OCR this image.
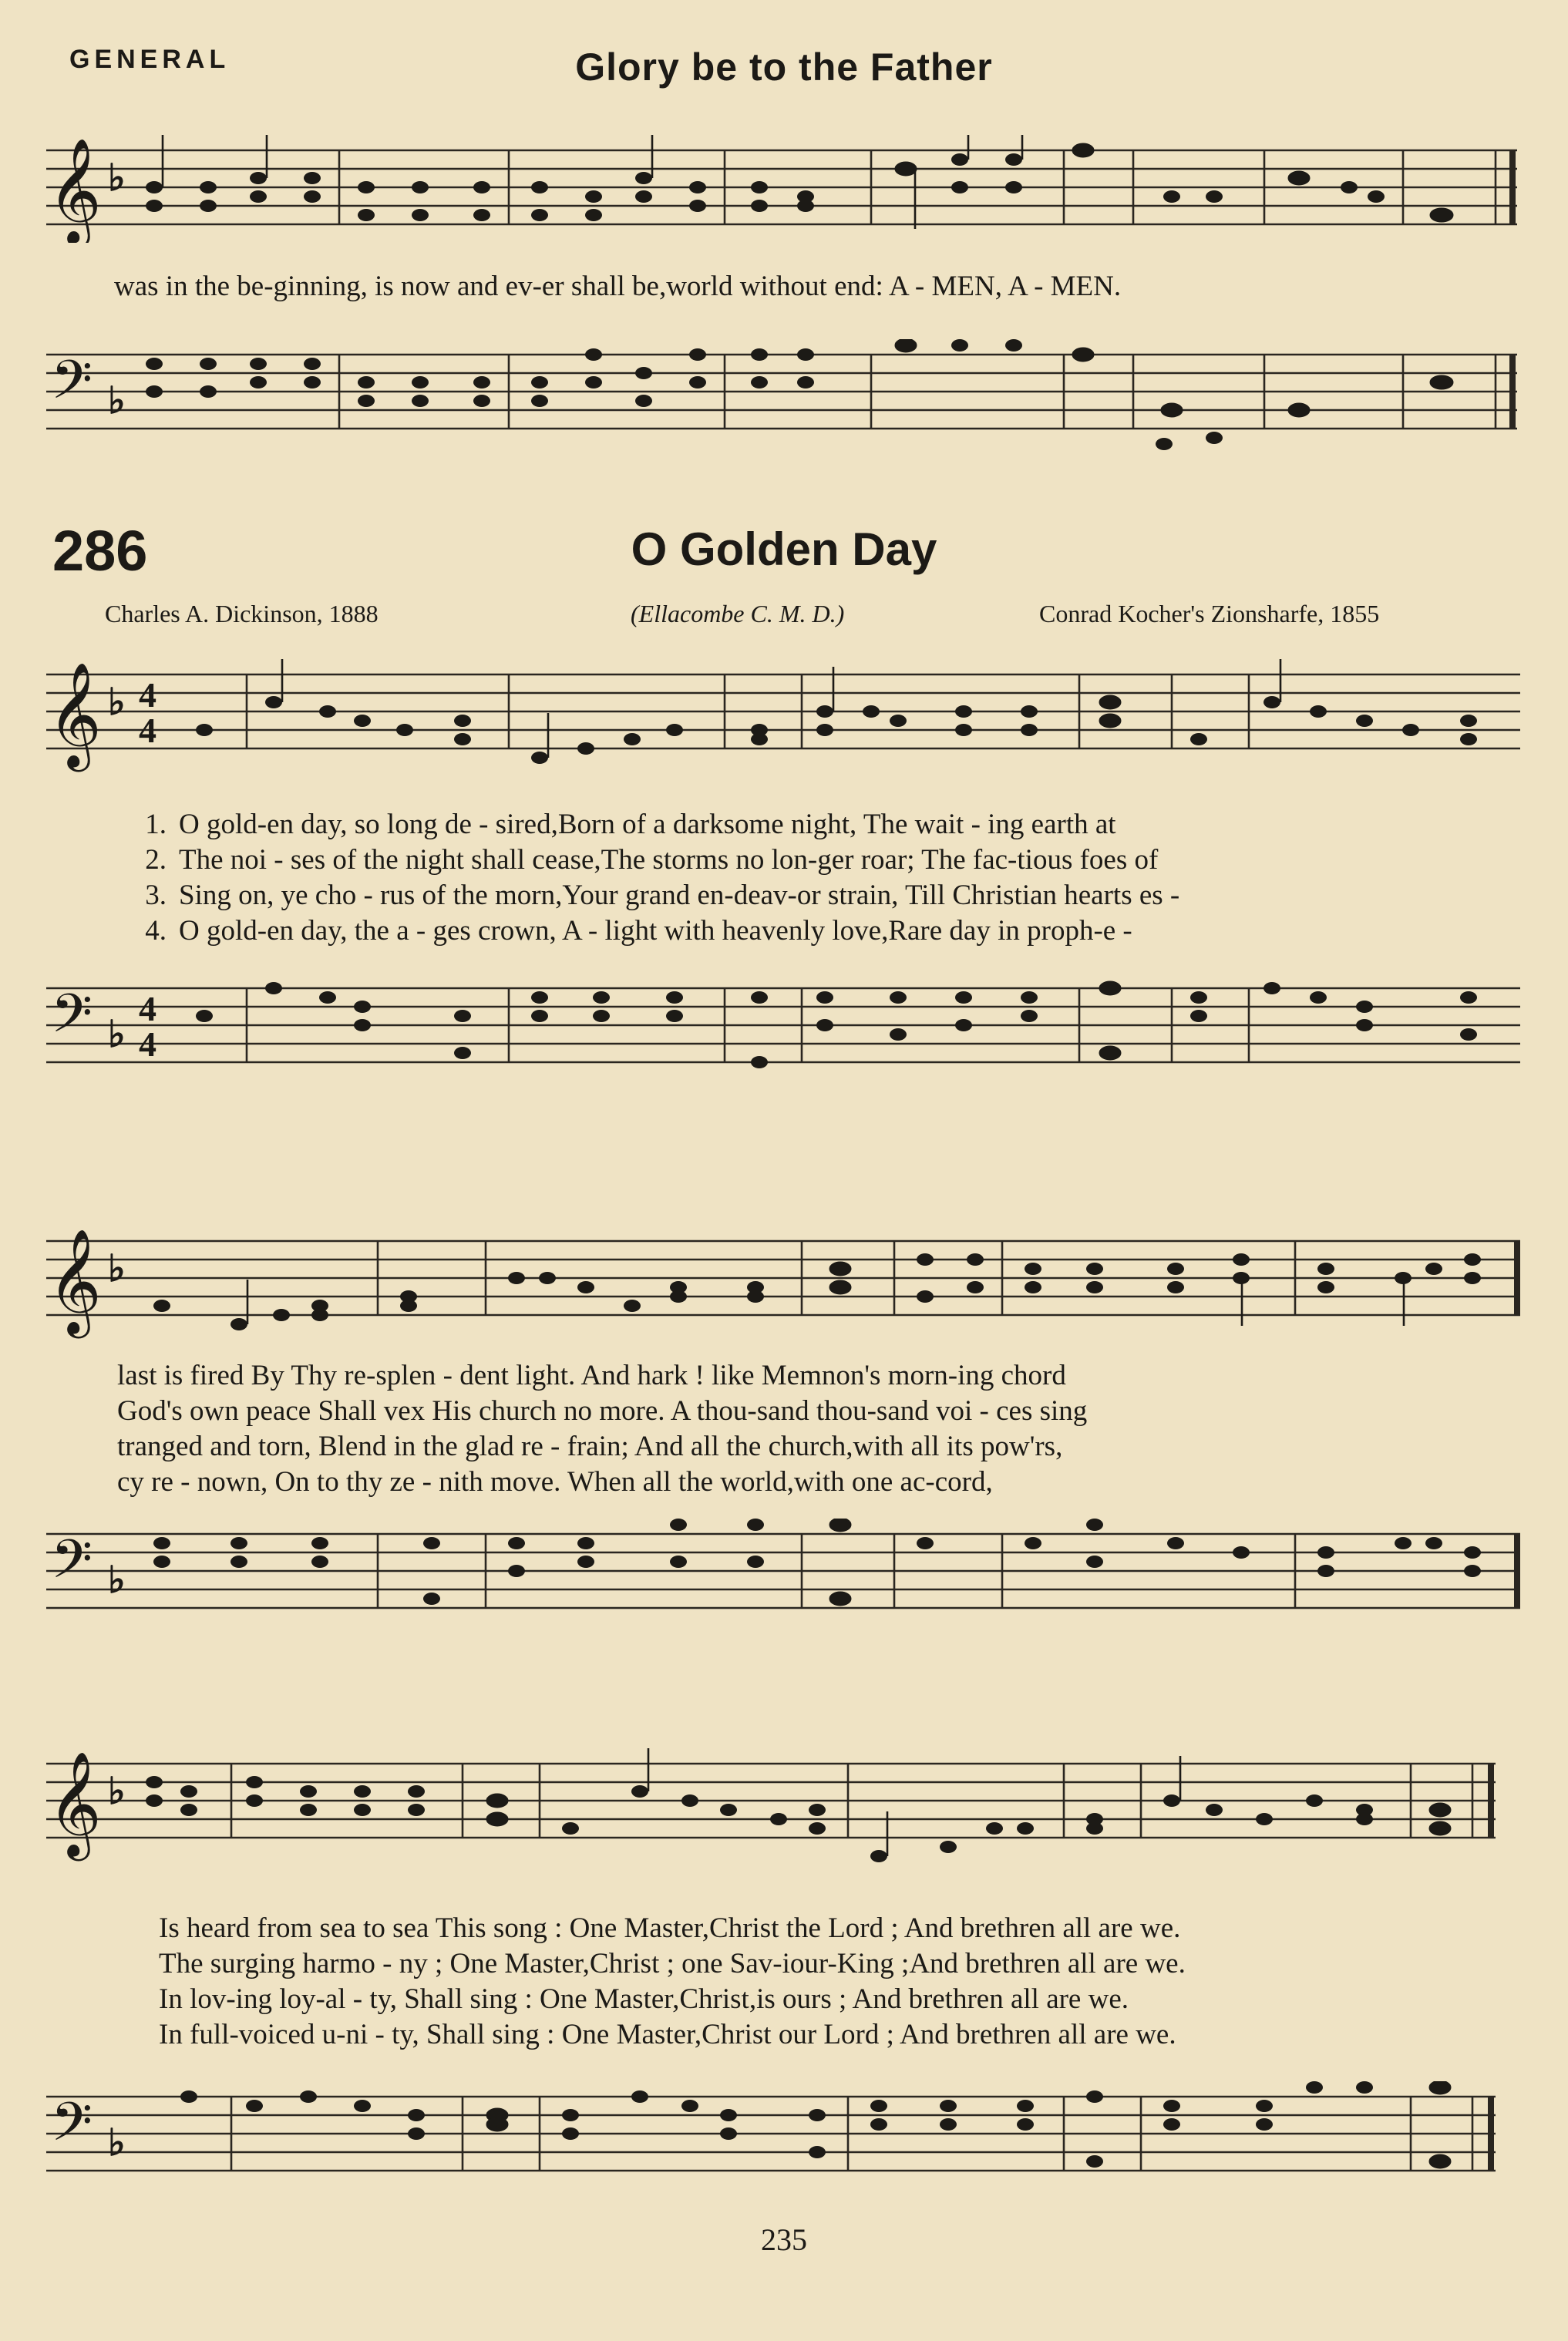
GENERAL	Glory be to the Father
𝄞 ♭
was in the be-ginning, is now and ev-er shall be,world without end: A - MEN, A - MEN.
𝄢 ♭
286	O Golden Day
Charles A. Dickinson, 1888	(Ellacombe C. M. D.)	Conrad Kocher's Zionsharfe, 1855
𝄞 ♭ 4
4
1. O gold-en day, so long de - sired,Born of a darksome night, The wait - ing earth at
2. The noi - ses of the night shall cease,The storms no lon-ger roar; The fac-tious foes of
3. Sing on, ye cho - rus of the morn,Your grand en-deav-or strain, Till Christian hearts es -
4. O gold-en day, the a - ges crown, A - light with heavenly love,Rare day in proph-e -
𝄢 ♭
4
4
𝄞 ♭
last is fired By Thy re-splen - dent light. And hark ! like Memnon's morn-ing chord
God's own peace Shall vex His church no more. A thou-sand thou-sand voi - ces sing
tranged and torn, Blend in the glad re - frain; And all the church,with all its pow'rs,
cy re - nown, On to thy ze - nith move. When all the world,with one ac-cord,
𝄢 ♭
𝄞 ♭
Is heard from sea to sea This song : One Master,Christ the Lord ; And brethren all are we.
The surging harmo - ny ; One Master,Christ ; one Sav-iour-King ;And brethren all are we.
In lov-ing loy-al - ty, Shall sing : One Master,Christ,is ours ; And brethren all are we.
In full-voiced u-ni - ty, Shall sing : One Master,Christ our Lord ; And brethren all are we.
𝄢 ♭
235
